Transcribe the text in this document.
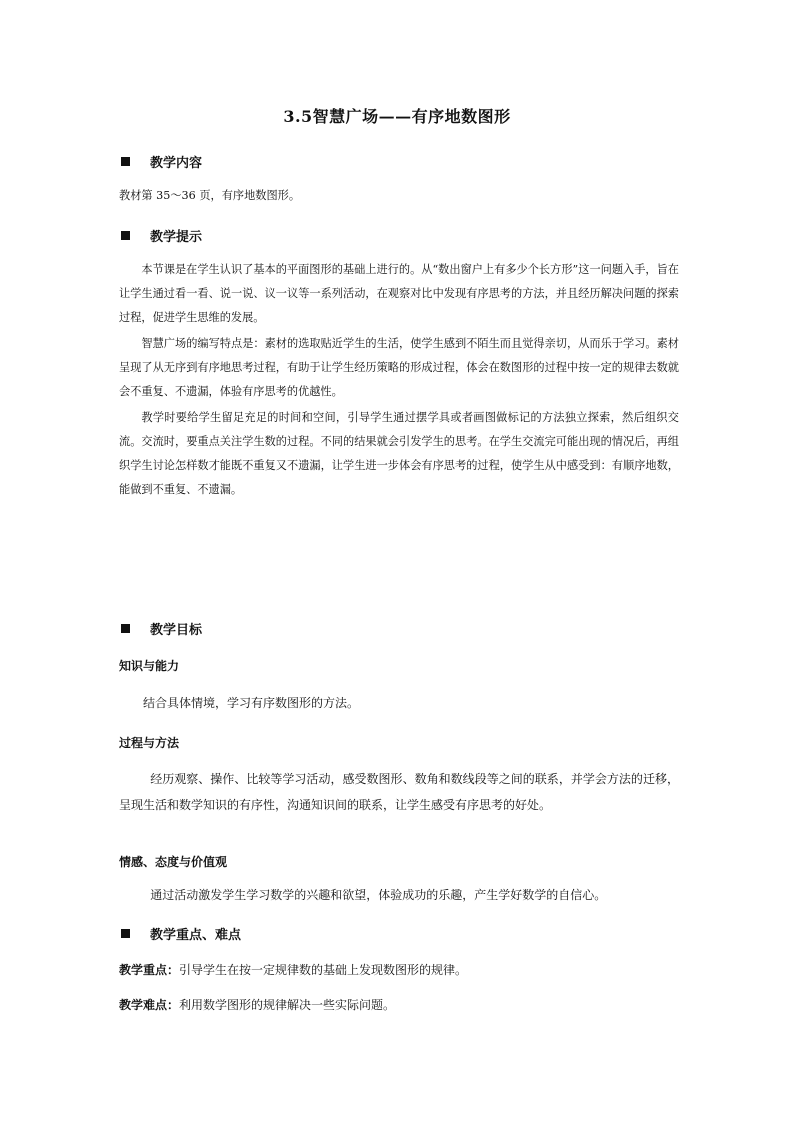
3.5智慧广场——有序地数图形
教学内容
教材第 35～36 页，有序地数图形。
教学提示
本节课是在学生认识了基本的平面图形的基础上进行的。从“数出窗户上有多少个长方形”这一问题入手，旨在让学生通过看一看、说一说、议一议等一系列活动，在观察对比中发现有序思考的方法，并且经历解决问题的探索过程，促进学生思维的发展。
智慧广场的编写特点是：素材的选取贴近学生的生活，使学生感到不陌生而且觉得亲切，从而乐于学习。素材呈现了从无序到有序地思考过程，有助于让学生经历策略的形成过程，体会在数图形的过程中按一定的规律去数就会不重复、不遗漏，体验有序思考的优越性。
教学时要给学生留足充足的时间和空间，引导学生通过摆学具或者画图做标记的方法独立探索，然后组织交流。交流时，要重点关注学生数的过程。不同的结果就会引发学生的思考。在学生交流完可能出现的情况后，再组织学生讨论怎样数才能既不重复又不遗漏，让学生进一步体会有序思考的过程，使学生从中感受到：有顺序地数，能做到不重复、不遗漏。
教学目标
知识与能力
结合具体情境，学习有序数图形的方法。
过程与方法
经历观察、操作、比较等学习活动，感受数图形、数角和数线段等之间的联系，并学会方法的迁移，呈现生活和数学知识的有序性，沟通知识间的联系，让学生感受有序思考的好处。
情感、态度与价值观
通过活动激发学生学习数学的兴趣和欲望，体验成功的乐趣，产生学好数学的自信心。
教学重点、难点
教学重点：引导学生在按一定规律数的基础上发现数图形的规律。
教学难点：利用数学图形的规律解决一些实际问题。
